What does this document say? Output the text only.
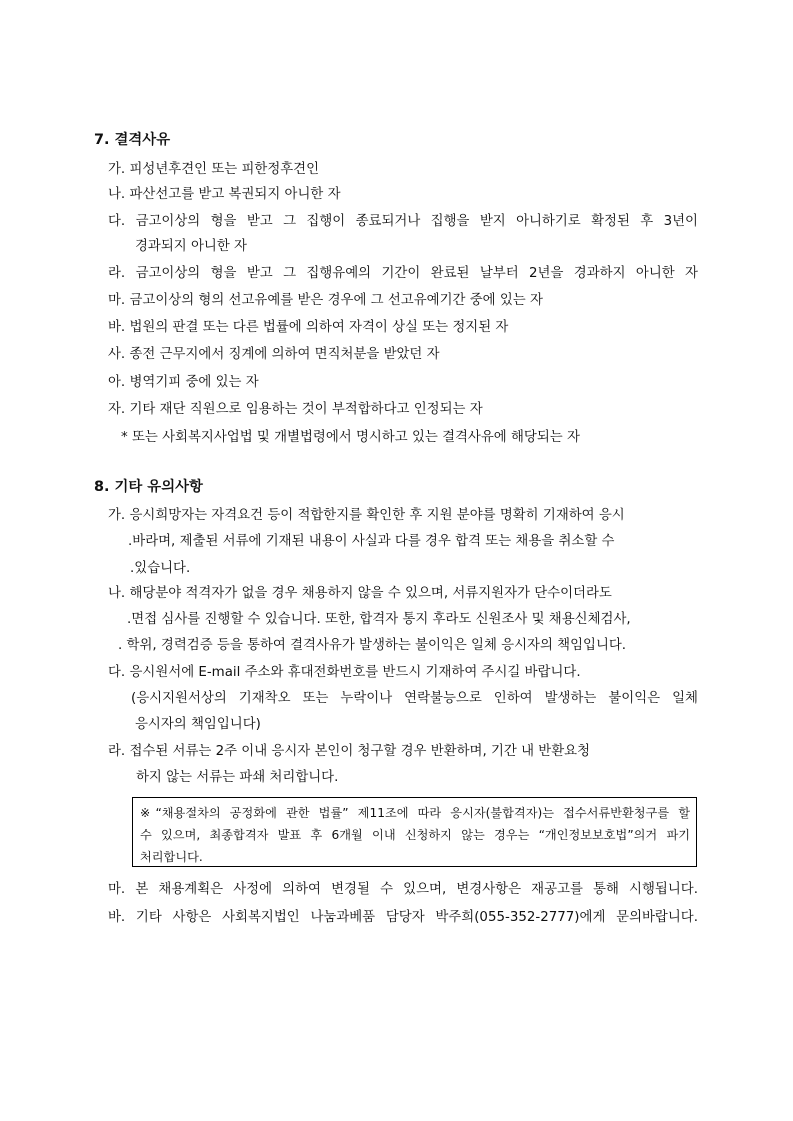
7. 결격사유
가. 피성년후견인 또는 피한정후견인
나. 파산선고를 받고 복권되지 아니한 자
다. 금고이상의 형을 받고 그 집행이 종료되거나 집행을 받지 아니하기로 확정된 후 3년이
경과되지 아니한 자
라. 금고이상의 형을 받고 그 집행유예의 기간이 완료된 날부터 2년을 경과하지 아니한 자
마. 금고이상의 형의 선고유예를 받은 경우에 그 선고유예기간 중에 있는 자
바. 법원의 판결 또는 다른 법률에 의하여 자격이 상실 또는 정지된 자
사. 종전 근무지에서 징계에 의하여 면직처분을 받았던 자
아. 병역기피 중에 있는 자
자. 기타 재단 직원으로 임용하는 것이 부적합하다고 인정되는 자
* 또는 사회복지사업법 및 개별법령에서 명시하고 있는 결격사유에 해당되는 자
8. 기타 유의사항
가. 응시희망자는 자격요건 등이 적합한지를 확인한 후 지원 분야를 명확히 기재하여 응시
.바라며, 제출된 서류에 기재된 내용이 사실과 다를 경우 합격 또는 채용을 취소할 수
.있습니다.
나. 해당분야 적격자가 없을 경우 채용하지 않을 수 있으며, 서류지원자가 단수이더라도
.면접 심사를 진행할 수 있습니다. 또한, 합격자 통지 후라도 신원조사 및 채용신체검사,
. 학위, 경력검증 등을 통하여 결격사유가 발생하는 불이익은 일체 응시자의 책임입니다.
다. 응시원서에 E-mail 주소와 휴대전화번호를 반드시 기재하여 주시길 바랍니다.
(응시지원서상의 기재착오 또는 누락이나 연락불능으로 인하여 발생하는 불이익은 일체
응시자의 책임입니다)
라. 접수된 서류는 2주 이내 응시자 본인이 청구할 경우 반환하며, 기간 내 반환요청
하지 않는 서류는 파쇄 처리합니다.
※“채용절차의 공정화에 관한 법률” 제11조에 따라 응시자(불합격자)는 접수서류반환청구를 할
수 있으며, 최종합격자 발표 후 6개월 이내 신청하지 않는 경우는 “개인정보보호법”의거 파기
처리합니다.
마. 본 채용계획은 사정에 의하여 변경될 수 있으며, 변경사항은 재공고를 통해 시행됩니다.
바. 기타 사항은 사회복지법인 나눔과베품 담당자 박주희(055-352-2777)에게 문의바랍니다.
